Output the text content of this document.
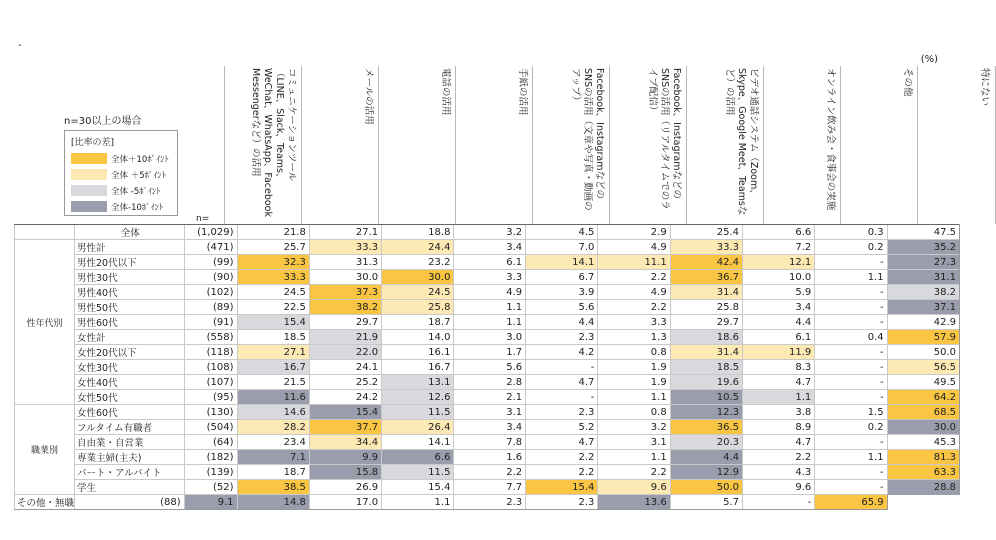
-
(%)
n=30以上の場合
[比率の差]
全体＋10ﾎﾟｲﾝﾄ
全体 ＋5ﾎﾟｲﾝﾄ
全体 -5ﾎﾟｲﾝﾄ
全体-10ﾎﾟｲﾝﾄ
n=
コミュニケーションツール（LINE、Slack、Teams、WeChat、WhatsApp、Facebook Messengerなど）の活用	メールの活用	電話の活用	手紙の活用	Facebook、InstagramなどのSNSの活用（文章や写真・動画のアップ）	Facebook、InstagramなどのSNSの活用（リアルタイムでのライブ配信）	ビデオ通話システム（Zoom、Skype、Google Meet、Teamsなど）の活用	オンライン飲み会・食事会の実施	その他	特にない
	全体	(1,029)	21.8	27.1	18.8	3.2	4.5	2.9	25.4	6.6	0.3	47.5
性年代別	男性計	(471)	25.7	33.3	24.4	3.4	7.0	4.9	33.3	7.2	0.2	35.2
	男性20代以下	(99)	32.3	31.3	23.2	6.1	14.1	11.1	42.4	12.1	-	27.3
	男性30代	(90)	33.3	30.0	30.0	3.3	6.7	2.2	36.7	10.0	1.1	31.1
	男性40代	(102)	24.5	37.3	24.5	4.9	3.9	4.9	31.4	5.9	-	38.2
	男性50代	(89)	22.5	38.2	25.8	1.1	5.6	2.2	25.8	3.4	-	37.1
	男性60代	(91)	15.4	29.7	18.7	1.1	4.4	3.3	29.7	4.4	-	42.9
	女性計	(558)	18.5	21.9	14.0	3.0	2.3	1.3	18.6	6.1	0.4	57.9
	女性20代以下	(118)	27.1	22.0	16.1	1.7	4.2	0.8	31.4	11.9	-	50.0
	女性30代	(108)	16.7	24.1	16.7	5.6	-	1.9	18.5	8.3	-	56.5
	女性40代	(107)	21.5	25.2	13.1	2.8	4.7	1.9	19.6	4.7	-	49.5
	女性50代	(95)	11.6	24.2	12.6	2.1	-	1.1	10.5	1.1	-	64.2
職業別	女性60代	(130)	14.6	15.4	11.5	3.1	2.3	0.8	12.3	3.8	1.5	68.5
	フルタイム有職者	(504)	28.2	37.7	26.4	3.4	5.2	3.2	36.5	8.9	0.2	30.0
	自由業・自営業	(64)	23.4	34.4	14.1	7.8	4.7	3.1	20.3	4.7	-	45.3
	専業主婦(主夫)	(182)	7.1	9.9	6.6	1.6	2.2	1.1	4.4	2.2	1.1	81.3
	パート・アルバイト	(139)	18.7	15.8	11.5	2.2	2.2	2.2	12.9	4.3	-	63.3
	学生	(52)	38.5	26.9	15.4	7.7	15.4	9.6	50.0	9.6	-	28.8
その他・無職	(88)	9.1	14.8	17.0	1.1	2.3	2.3	13.6	5.7	-	65.9	
